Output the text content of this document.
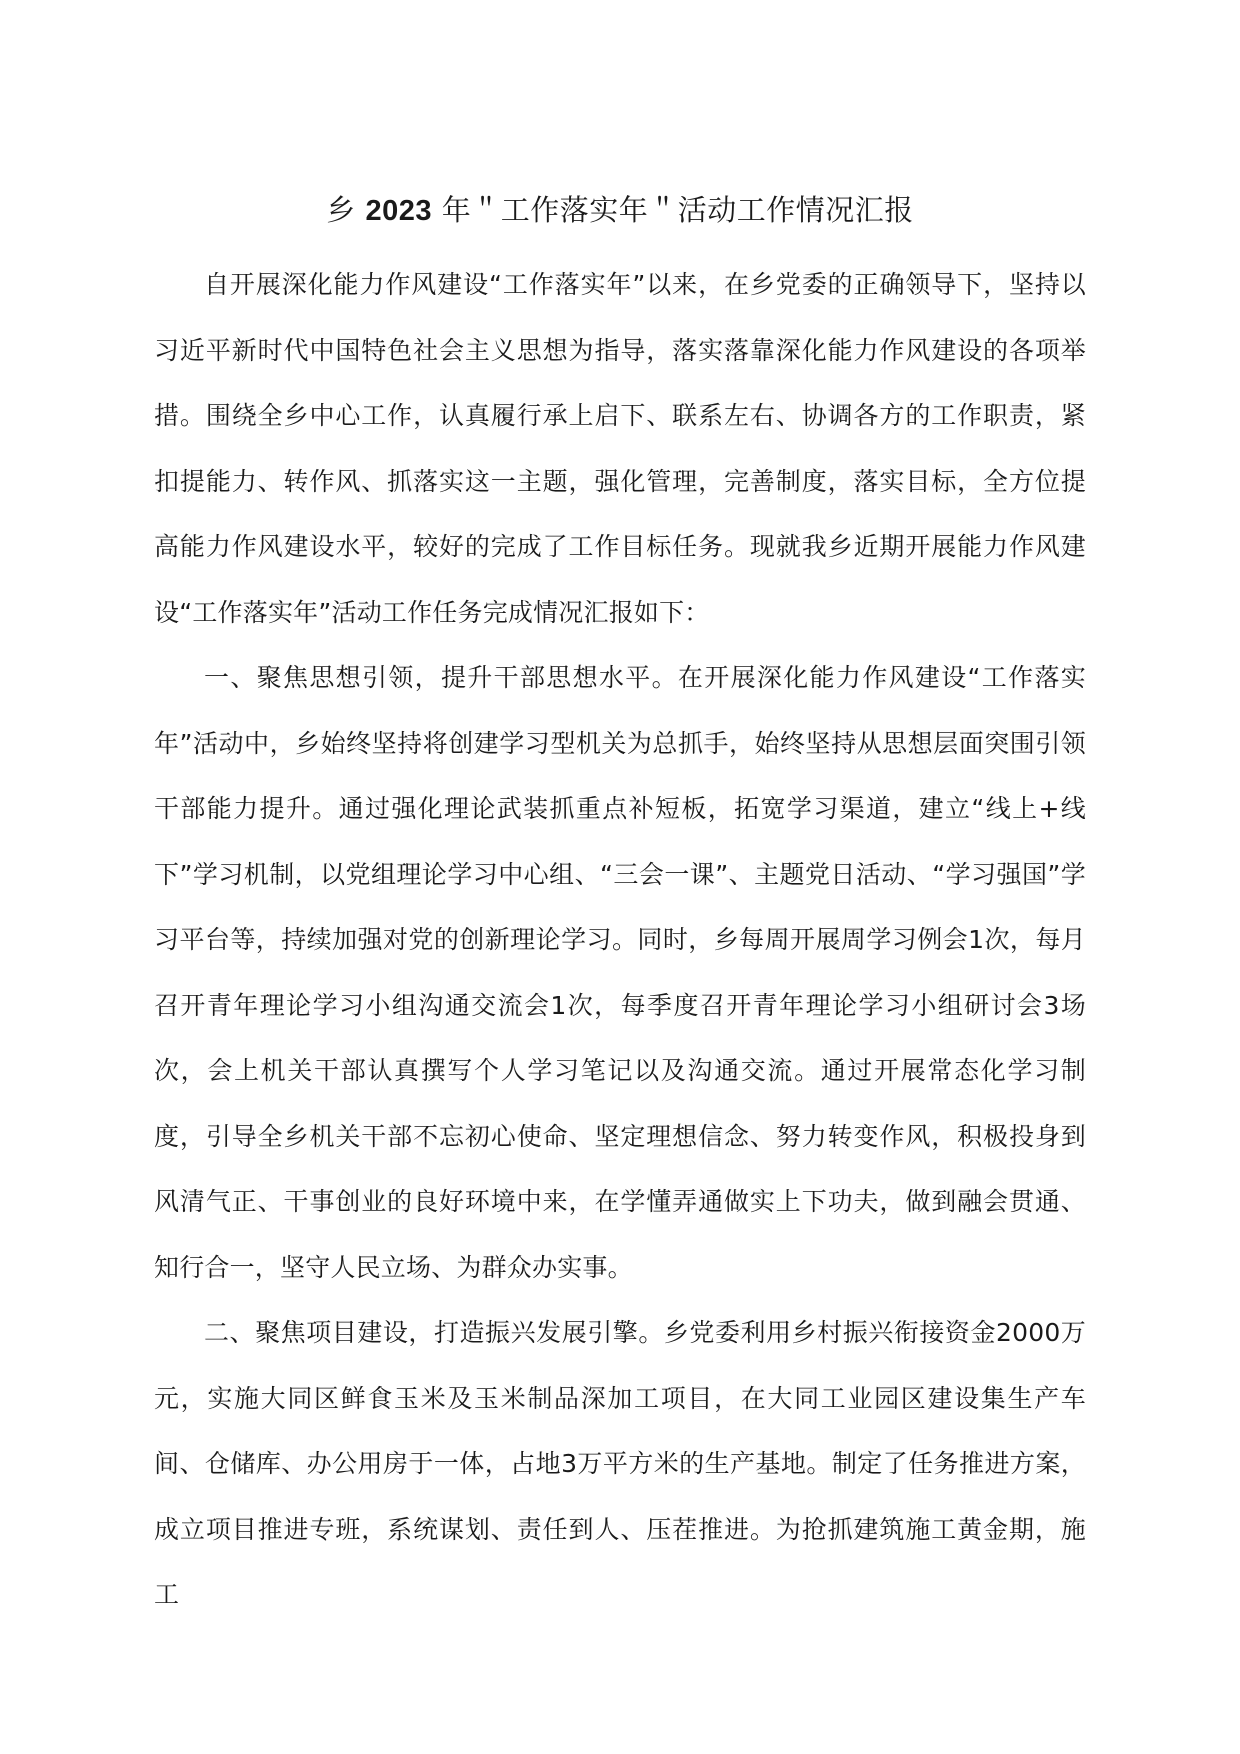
乡 2023 年＂工作落实年＂活动工作情况汇报

自开展深化能力作风建设“工作落实年”以来，在乡党委的正确领导下，坚持以习近平新时代中国特色社会主义思想为指导，落实落靠深化能力作风建设的各项举措。围绕全乡中心工作，认真履行承上启下、联系左右、协调各方的工作职责，紧扣提能力、转作风、抓落实这一主题，强化管理，完善制度，落实目标，全方位提高能力作风建设水平，较好的完成了工作目标任务。现就我乡近期开展能力作风建设“工作落实年”活动工作任务完成情况汇报如下：

一、聚焦思想引领，提升干部思想水平。在开展深化能力作风建设“工作落实年”活动中，乡始终坚持将创建学习型机关为总抓手，始终坚持从思想层面突围引领干部能力提升。通过强化理论武装抓重点补短板，拓宽学习渠道，建立“线上+线下”学习机制，以党组理论学习中心组、“三会一课”、主题党日活动、“学习强国”学习平台等，持续加强对党的创新理论学习。同时，乡每周开展周学习例会1次，每月召开青年理论学习小组沟通交流会1次，每季度召开青年理论学习小组研讨会3场次，会上机关干部认真撰写个人学习笔记以及沟通交流。通过开展常态化学习制度，引导全乡机关干部不忘初心使命、坚定理想信念、努力转变作风，积极投身到风清气正、干事创业的良好环境中来，在学懂弄通做实上下功夫，做到融会贯通、知行合一，坚守人民立场、为群众办实事。

二、聚焦项目建设，打造振兴发展引擎。乡党委利用乡村振兴衔接资金2000万元，实施大同区鲜食玉米及玉米制品深加工项目，在大同工业园区建设集生产车间、仓储库、办公用房于一体，占地3万平方米的生产基地。制定了任务推进方案，成立项目推进专班，系统谋划、责任到人、压茬推进。为抢抓建筑施工黄金期，施工
